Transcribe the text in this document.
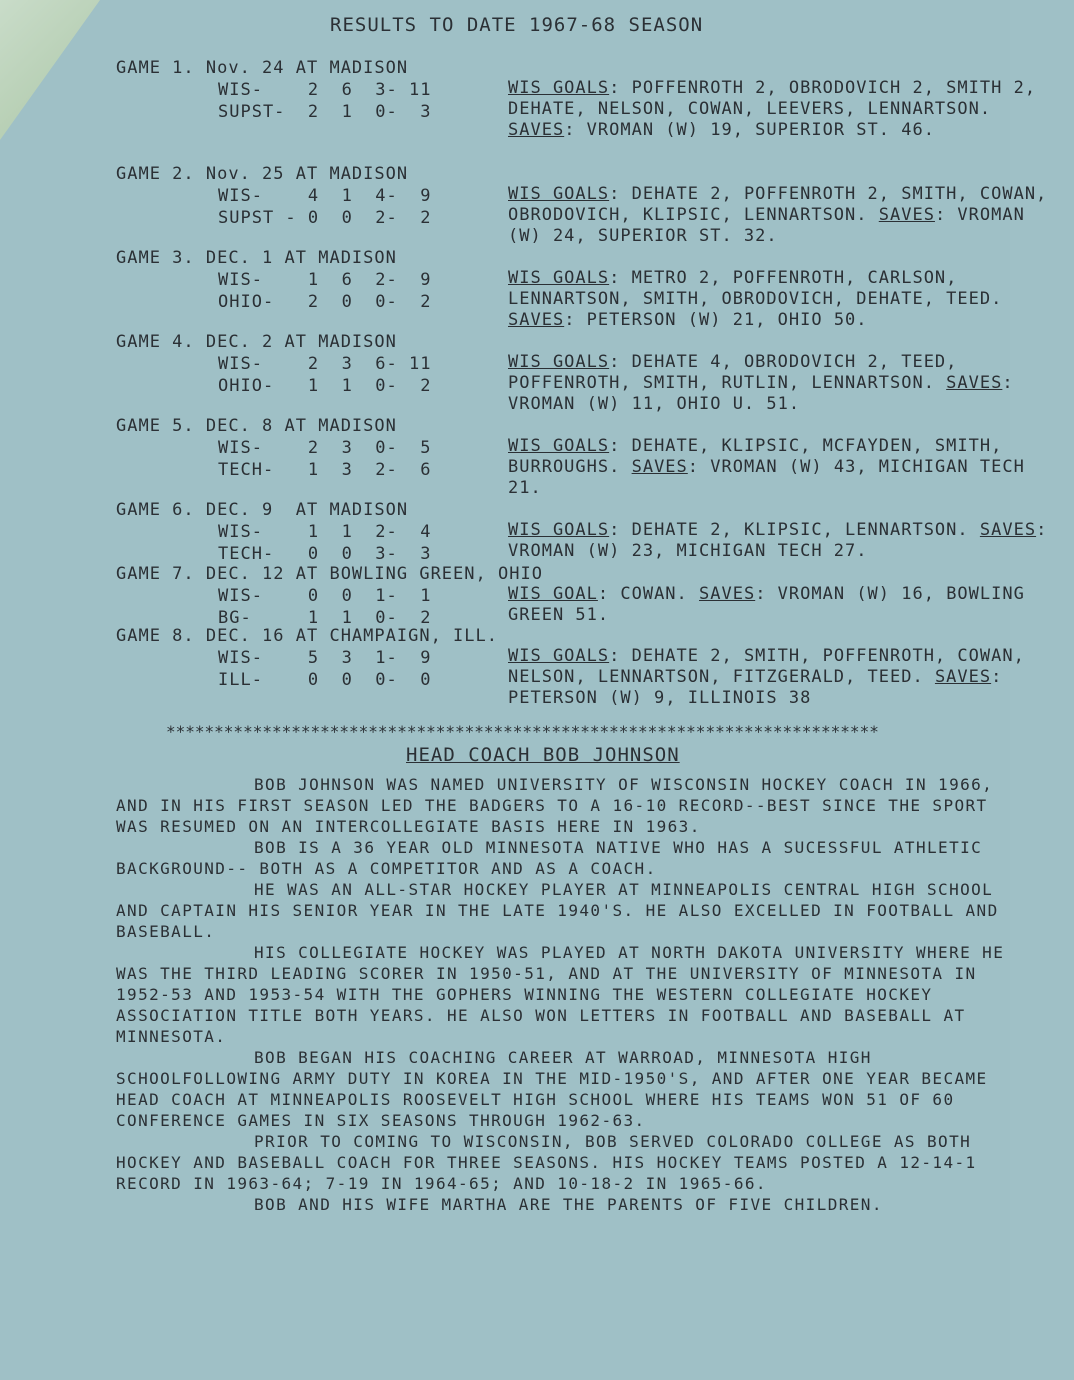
RESULTS TO DATE 1967-68 SEASON
GAME 1. Nov. 24 AT MADISON
WIS-    2  6  3- 11
SUPST-  2  1  0-  3
WIS GOALS: POFFENROTH 2, OBRODOVICH 2, SMITH 2, DEHATE, NELSON, COWAN, LEEVERS, LENNARTSON. SAVES: VROMAN (W) 19, SUPERIOR ST. 46.
GAME 2. Nov. 25 AT MADISON
WIS-    4  1  4-  9
SUPST - 0  0  2-  2
WIS GOALS: DEHATE 2, POFFENROTH 2, SMITH, COWAN, OBRODOVICH, KLIPSIC, LENNARTSON. SAVES: VROMAN (W) 24, SUPERIOR ST. 32.
GAME 3. DEC. 1 AT MADISON
WIS-    1  6  2-  9
OHIO-   2  0  0-  2
WIS GOALS: METRO 2, POFFENROTH, CARLSON, LENNARTSON, SMITH, OBRODOVICH, DEHATE, TEED. SAVES: PETERSON (W) 21, OHIO 50.
GAME 4. DEC. 2 AT MADISON
WIS-    2  3  6- 11
OHIO-   1  1  0-  2
WIS GOALS: DEHATE 4, OBRODOVICH 2, TEED, POFFENROTH, SMITH, RUTLIN, LENNARTSON. SAVES: VROMAN (W) 11, OHIO U. 51.
GAME 5. DEC. 8 AT MADISON
WIS-    2  3  0-  5
TECH-   1  3  2-  6
WIS GOALS: DEHATE, KLIPSIC, MCFAYDEN, SMITH, BURROUGHS. SAVES: VROMAN (W) 43, MICHIGAN TECH 21.
GAME 6. DEC. 9  AT MADISON
WIS-    1  1  2-  4
TECH-   0  0  3-  3
WIS GOALS: DEHATE 2, KLIPSIC, LENNARTSON. SAVES: VROMAN (W) 23, MICHIGAN TECH 27.
GAME 7. DEC. 12 AT BOWLING GREEN, OHIO
WIS-    0  0  1-  1
BG-     1  1  0-  2
WIS GOAL: COWAN. SAVES: VROMAN (W) 16, BOWLING GREEN 51.
GAME 8. DEC. 16 AT CHAMPAIGN, ILL.
WIS-    5  3  1-  9
ILL-    0  0  0-  0
WIS GOALS: DEHATE 2, SMITH, POFFENROTH, COWAN, NELSON, LENNARTSON, FITZGERALD, TEED. SAVES: PETERSON (W) 9, ILLINOIS 38
**************************************************************************
HEAD COACH BOB JOHNSON

BOB JOHNSON WAS NAMED UNIVERSITY OF WISCONSIN HOCKEY COACH IN 1966, AND IN HIS FIRST SEASON LED THE BADGERS TO A 16-10 RECORD--BEST SINCE THE SPORT WAS RESUMED ON AN INTERCOLLEGIATE BASIS HERE IN 1963.

BOB IS A 36 YEAR OLD MINNESOTA NATIVE WHO HAS A SUCESSFUL ATHLETIC BACKGROUND-- BOTH AS A COMPETITOR AND AS A COACH.

HE WAS AN ALL-STAR HOCKEY PLAYER AT MINNEAPOLIS CENTRAL HIGH SCHOOL AND CAPTAIN HIS SENIOR YEAR IN THE LATE 1940'S. HE ALSO EXCELLED IN FOOTBALL AND BASEBALL.

HIS COLLEGIATE HOCKEY WAS PLAYED AT NORTH DAKOTA UNIVERSITY WHERE HE WAS THE THIRD LEADING SCORER IN 1950-51, AND AT THE UNIVERSITY OF MINNESOTA IN 1952-53 AND 1953-54 WITH THE GOPHERS WINNING THE WESTERN COLLEGIATE HOCKEY ASSOCIATION TITLE BOTH YEARS. HE ALSO WON LETTERS IN FOOTBALL AND BASEBALL AT MINNESOTA.

BOB BEGAN HIS COACHING CAREER AT WARROAD, MINNESOTA HIGH SCHOOLFOLLOWING ARMY DUTY IN KOREA IN THE MID-1950'S, AND AFTER ONE YEAR BECAME HEAD COACH AT MINNEAPOLIS ROOSEVELT HIGH SCHOOL WHERE HIS TEAMS WON 51 OF 60 CONFERENCE GAMES IN SIX SEASONS THROUGH 1962-63.

PRIOR TO COMING TO WISCONSIN, BOB SERVED COLORADO COLLEGE AS BOTH HOCKEY AND BASEBALL COACH FOR THREE SEASONS. HIS HOCKEY TEAMS POSTED A 12-14-1 RECORD IN 1963-64; 7-19 IN 1964-65; AND 10-18-2 IN 1965-66.

BOB AND HIS WIFE MARTHA ARE THE PARENTS OF FIVE CHILDREN.
